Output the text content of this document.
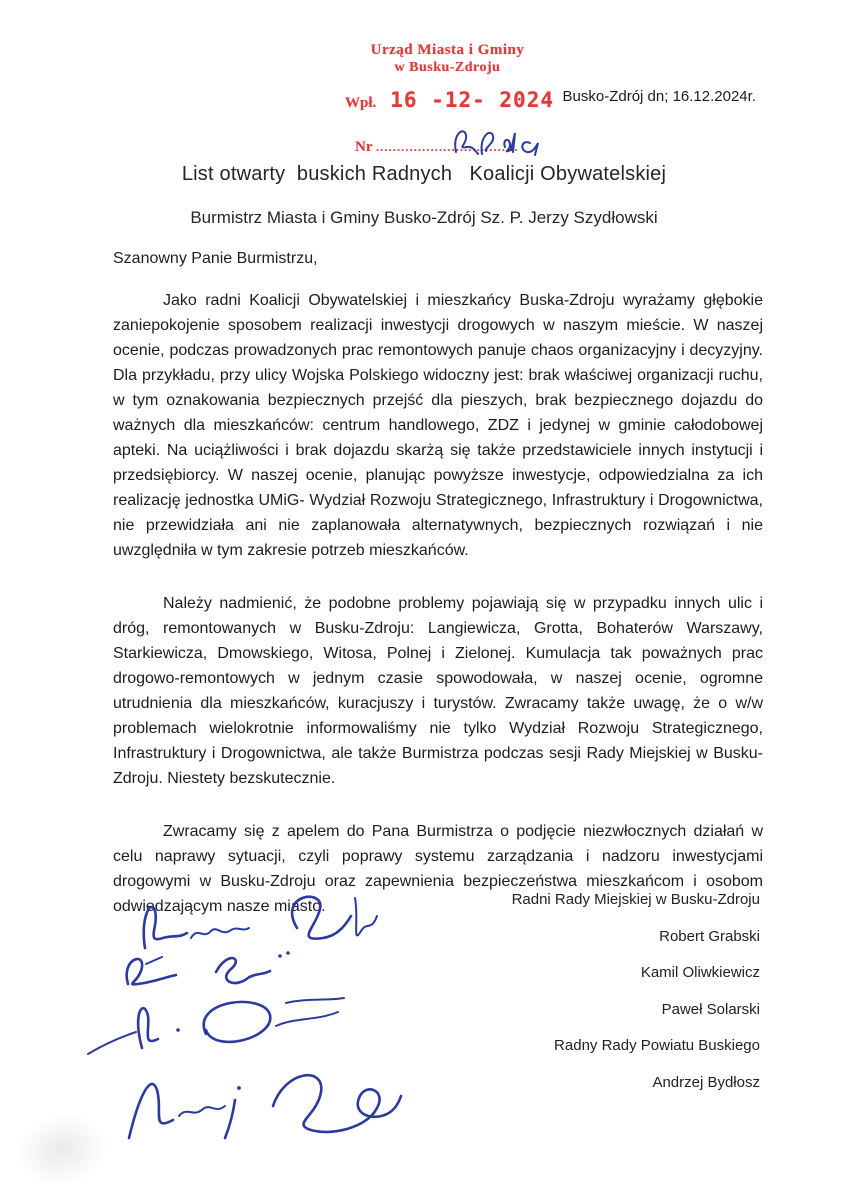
Urząd Miasta i Gminy
w Busku-Zdroju
Wpł. 16 -12- 2024
Nr ..................................
Busko-Zdrój dn; 16.12.2024r.
List otwarty  buskich Radnych   Koalicji Obywatelskiej
Burmistrz Miasta i Gminy Busko-Zdrój Sz. P. Jerzy Szydłowski
Szanowny Panie Burmistrzu,

Jako radni Koalicji Obywatelskiej i mieszkańcy Buska-Zdroju wyrażamy głębokie zaniepokojenie sposobem realizacji inwestycji drogowych w naszym mieście. W naszej ocenie, podczas prowadzonych prac remontowych panuje chaos organizacyjny i decyzyjny. Dla przykładu, przy ulicy Wojska Polskiego widoczny jest: brak właściwej organizacji ruchu, w tym oznakowania bezpiecznych przejść dla pieszych, brak bezpiecznego dojazdu do ważnych dla mieszkańców: centrum handlowego, ZDZ i jedynej w gminie całodobowej apteki. Na uciążliwości i brak dojazdu skarżą się także przedstawiciele innych instytucji i przedsiębiorcy. W naszej ocenie, planując powyższe inwestycje, odpowiedzialna za ich realizację jednostka UMiG- Wydział Rozwoju Strategicznego, Infrastruktury i Drogownictwa, nie przewidziała ani nie zaplanowała alternatywnych, bezpiecznych rozwiązań i nie uwzględniła w tym zakresie potrzeb mieszkańców.

Należy nadmienić, że podobne problemy pojawiają się w przypadku innych ulic i dróg, remontowanych w Busku-Zdroju: Langiewicza, Grotta, Bohaterów Warszawy, Starkiewicza, Dmowskiego, Witosa, Polnej i Zielonej. Kumulacja tak poważnych prac drogowo-remontowych w jednym czasie spowodowała, w naszej ocenie, ogromne utrudnienia dla mieszkańców, kuracjuszy i turystów. Zwracamy także uwagę, że o w/w problemach wielokrotnie informowaliśmy nie tylko Wydział Rozwoju Strategicznego, Infrastruktury i Drogownictwa, ale także Burmistrza podczas sesji Rady Miejskiej w Busku- Zdroju. Niestety bezskutecznie.

Zwracamy się z apelem do Pana Burmistrza o podjęcie niezwłocznych działań w celu naprawy sytuacji, czyli poprawy systemu zarządzania i nadzoru inwestycjami drogowymi w Busku-Zdroju oraz zapewnienia bezpieczeństwa mieszkańcom i osobom odwiedzającym nasze miasto.	Radni Rady Miejskiej w Busku-Zdroju
Robert Grabski
Kamil Oliwkiewicz
Paweł Solarski
Radny Rady Powiatu Buskiego
Andrzej Bydłosz
